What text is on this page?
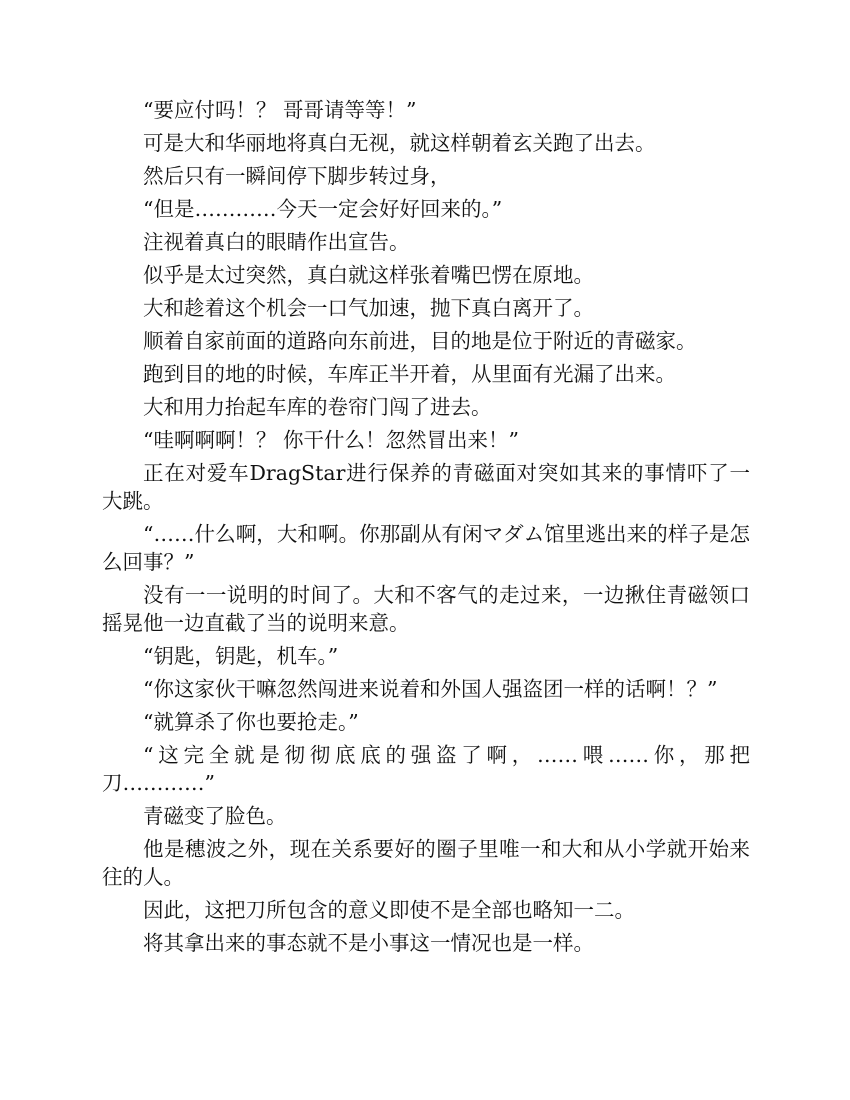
“要应付吗！？ 哥哥请等等！”

可是大和华丽地将真白无视，就这样朝着玄关跑了出去。

然后只有一瞬间停下脚步转过身，

“但是…………今天一定会好好回来的。”

注视着真白的眼睛作出宣告。

似乎是太过突然，真白就这样张着嘴巴愣在原地。

大和趁着这个机会一口气加速，抛下真白离开了。

顺着自家前面的道路向东前进，目的地是位于附近的青磁家。

跑到目的地的时候，车库正半开着，从里面有光漏了出来。

大和用力抬起车库的卷帘门闯了进去。

“哇啊啊啊！？ 你干什么！忽然冒出来！”

正在对爱车DragStar进行保养的青磁面对突如其来的事情吓了一大跳。

“……什么啊，大和啊。你那副从有闲マダム馆里逃出来的样子是怎么回事？”

没有一一说明的时间了。大和不客气的走过来，一边揪住青磁领口摇晃他一边直截了当的说明来意。

“钥匙，钥匙，机车。”

“你这家伙干嘛忽然闯进来说着和外国人强盗团一样的话啊！？”

“就算杀了你也要抢走。”

“这完全就是彻彻底底的强盗了啊，……喂……你，那把刀…………”

青磁变了脸色。

他是穗波之外，现在关系要好的圈子里唯一和大和从小学就开始来往的人。

因此，这把刀所包含的意义即使不是全部也略知一二。

将其拿出来的事态就不是小事这一情况也是一样。
